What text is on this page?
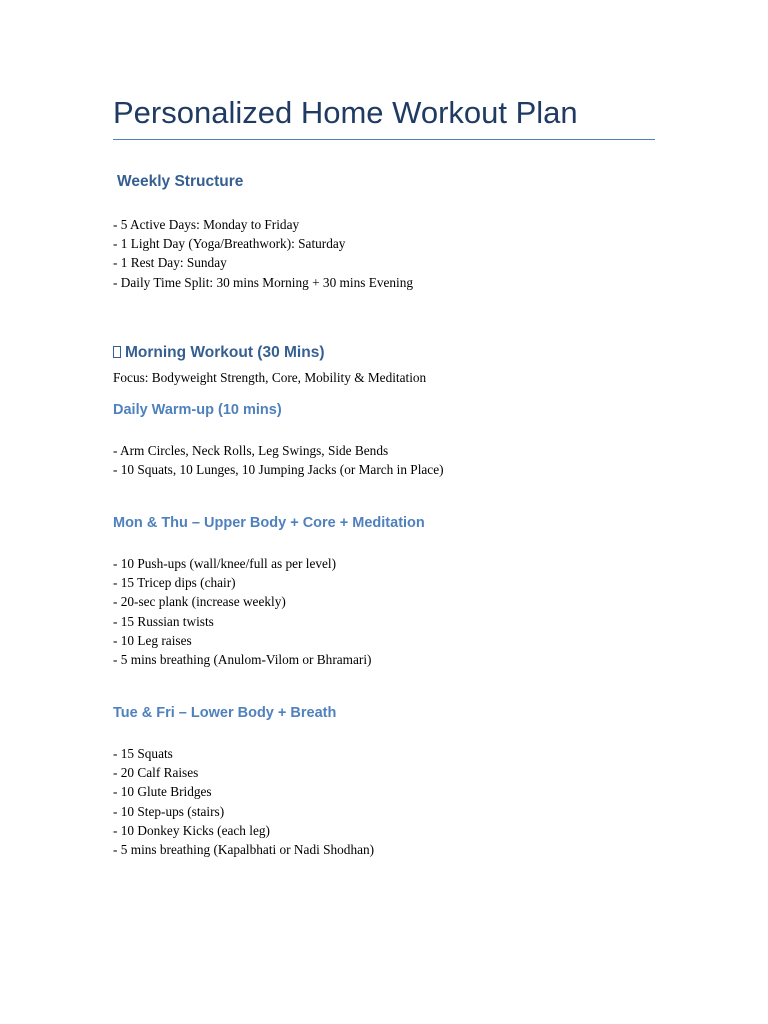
Personalized Home Workout Plan
Weekly Structure
- 5 Active Days: Monday to Friday
- 1 Light Day (Yoga/Breathwork): Saturday
- 1 Rest Day: Sunday
- Daily Time Split: 30 mins Morning + 30 mins Evening
Morning Workout (30 Mins)

Focus: Bodyweight Strength, Core, Mobility & Meditation

Daily Warm-up (10 mins)
- Arm Circles, Neck Rolls, Leg Swings, Side Bends
- 10 Squats, 10 Lunges, 10 Jumping Jacks (or March in Place)
Mon & Thu – Upper Body + Core + Meditation
- 10 Push-ups (wall/knee/full as per level)
- 15 Tricep dips (chair)
- 20-sec plank (increase weekly)
- 15 Russian twists
- 10 Leg raises
- 5 mins breathing (Anulom-Vilom or Bhramari)
Tue & Fri – Lower Body + Breath
- 15 Squats
- 20 Calf Raises
- 10 Glute Bridges
- 10 Step-ups (stairs)
- 10 Donkey Kicks (each leg)
- 5 mins breathing (Kapalbhati or Nadi Shodhan)
